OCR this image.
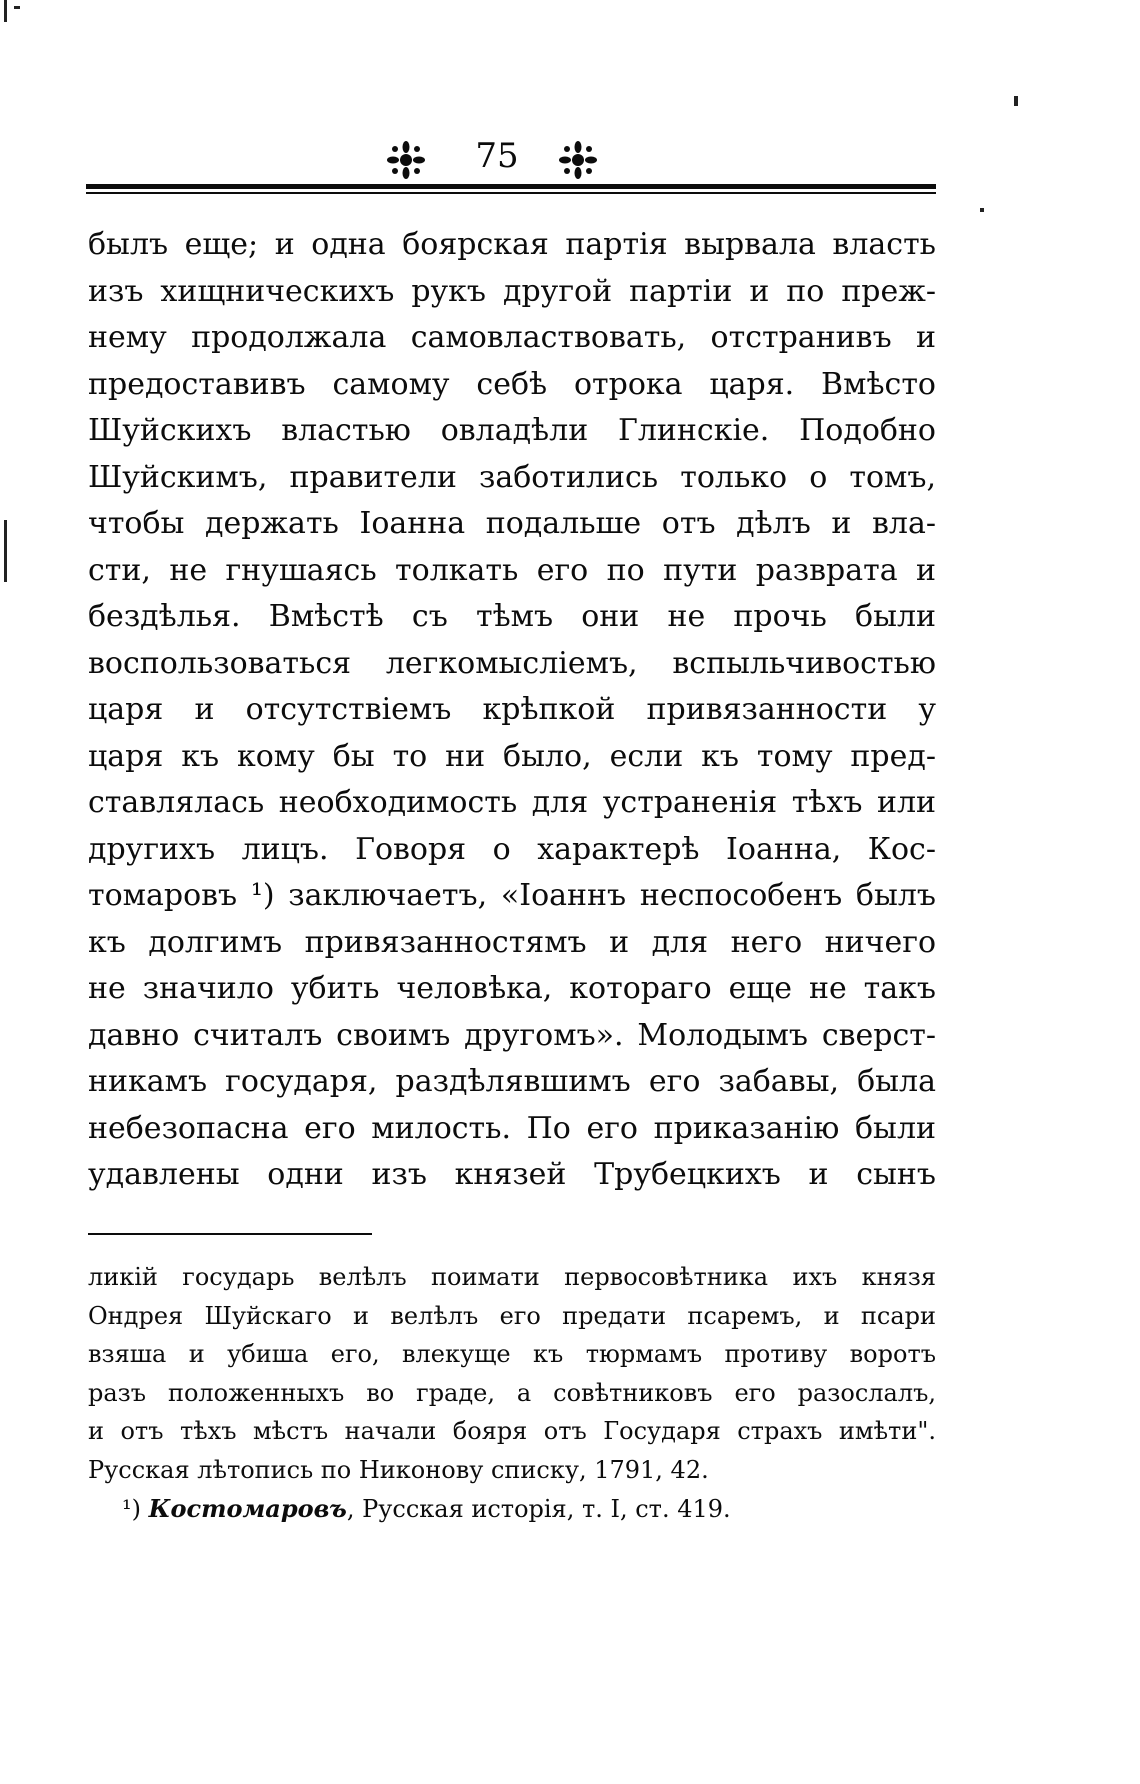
75
былъ еще; и одна боярская партія вырвала власть
изъ хищническихъ рукъ другой партіи и по преж-
нему продолжала самовластвовать, отстранивъ и
предоставивъ самому себѣ отрока царя. Вмѣсто
Шуйскихъ властью овладѣли Глинскіе. Подобно
Шуйскимъ, правители заботились только о томъ,
чтобы держать Іоанна подальше отъ дѣлъ и вла-
сти, не гнушаясь толкать его по пути разврата и
бездѣлья. Вмѣстѣ съ тѣмъ они не прочь были
воспользоваться легкомысліемъ, вспыльчивостью
царя и отсутствіемъ крѣпкой привязанности у
царя къ кому бы то ни было, если къ тому пред-
ставлялась необходимость для устраненія тѣхъ или
другихъ лицъ. Говоря о характерѣ Іоанна, Кос-
томаровъ ¹) заключаетъ, «Іоаннъ неспособенъ былъ
къ долгимъ привязанностямъ и для него ничего
не значило убить человѣка, котораго еще не такъ
давно считалъ своимъ другомъ». Молодымъ сверст-
никамъ государя, раздѣлявшимъ его забавы, была
небезопасна его милость. По его приказанію были
удавлены одни изъ князей Трубецкихъ и сынъ
ликій государь велѣлъ поимати первосовѣтника ихъ князя
Ондрея Шуйскаго и велѣлъ его предати псаремъ, и псари
взяша и убиша его, влекуще къ тюрмамъ противу воротъ
разъ положенныхъ во граде, а совѣтниковъ его разослалъ,
и отъ тѣхъ мѣстъ начали бояря отъ Государя страхъ имѣти".
Русская лѣтопись по Никонову списку, 1791, 42.
¹) Костомаровъ, Русская исторія, т. I, ст. 419.
